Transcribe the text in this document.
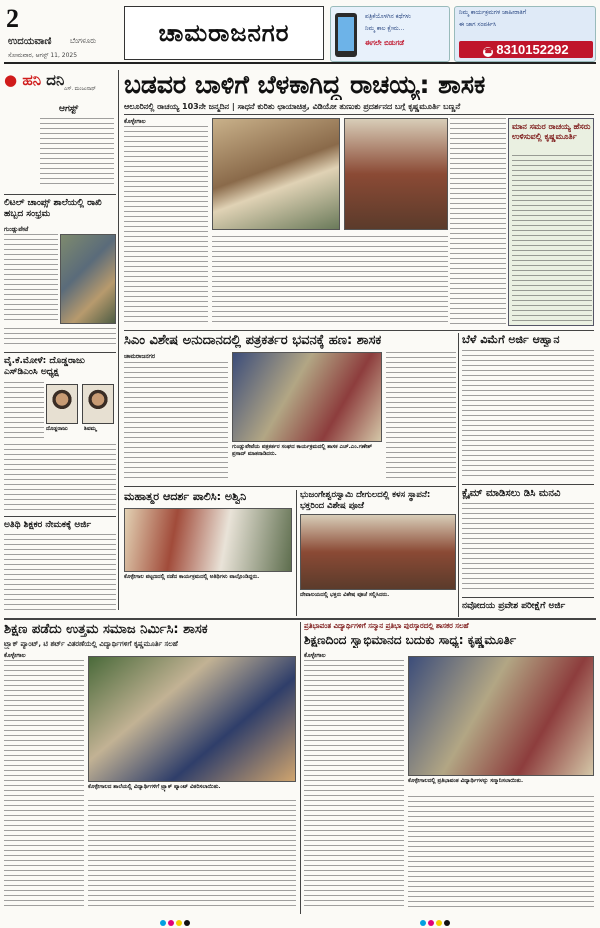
2
ಉದಯವಾಣಿ	ಬೆಂಗಳೂರು
ಸೋಮವಾರ, ಆಗಸ್ಟ್ 11, 2025
ಚಾಮರಾಜನಗರ
ಪತ್ರಿಕೆಯೊಳಗಿನ ಕಥೆಗಳು
ನಿಮ್ಮ ಕಾಲ ಕ್ಷೇಮ...
ಈಗಲೇ ಬಿಡುಗಡೆ
ನಿಮ್ಮ ಕಾರ್ಯಕ್ರಮಗಳ ಜಾಹೀರಾತಿಗೆ
ಈ ಜಾಗ ಸಂಪರ್ಕಿಸಿ
☎ 8310152292
● ಹನಿ ದನಿ ಎಸ್. ಮಂಜುನಾಥ್
ಆಗಸ್ಟ್
ಲಿಟಲ್ ಚಾಂಪ್ಸ್ ಶಾಲೆಯಲ್ಲಿ ರಾಖಿ ಹಬ್ಬದ ಸಂಭ್ರಮ
ಗುಂಡ್ಲುಪೇಟೆ
ವೈ.ಕೆ.ಮೋಳೆ: ದೊಡ್ಡರಾಜು ಎಸ್‌ಡಿಎಂಸಿ ಅಧ್ಯಕ್ಷ
ದೊಡ್ಡರಾಜು	ಶಿವಮ್ಮ
ಅತಿಥಿ ಶಿಕ್ಷಕರ ನೇಮಕಕ್ಕೆ ಅರ್ಜಿ
ಬಡವರ ಬಾಳಿಗೆ ಬೆಳಕಾಗಿದ್ದ ರಾಚಯ್ಯ: ಶಾಸಕ
ಆಲೂರಿನಲ್ಲಿ ರಾಚಯ್ಯ 103ನೇ ಜನ್ಮದಿನ | ಸಾಧನೆ ಕುರಿತು ಛಾಯಾಚಿತ್ರ, ವಿಡಿಯೋ ತುಣುಕು ಪ್ರದರ್ಶನದ ಬಗ್ಗೆ ಕೃಷ್ಣಮೂರ್ತಿ ಬಣ್ಣನೆ
ಕೊಳ್ಳೇಗಾಲ
ಮಾನ ಸಮರ ರಾಚಯ್ಯ ಹೆಸರು ಉಳಿಸುವಲ್ಲಿ ಕೃಷ್ಣಮೂರ್ತಿ
ಸಿಎಂ ವಿಶೇಷ ಅನುದಾನದಲ್ಲಿ ಪತ್ರಕರ್ತರ ಭವನಕ್ಕೆ ಹಣ: ಶಾಸಕ
ಚಾಮರಾಜನಗರ
ಗುಂಡ್ಲುಪೇಟೆಯ ಪತ್ರಕರ್ತರ ಸಂಘದ ಕಾರ್ಯಕ್ರಮದಲ್ಲಿ ಶಾಸಕ ಎಚ್.ಎಂ.ಗಣೇಶ್ ಪ್ರಸಾದ್ ಮಾತನಾಡಿದರು.
ಬೆಳೆ ವಿಮೆಗೆ ಅರ್ಜಿ ಆಹ್ವಾನ
ಕ್ಲೈಮ್ ಮಾಡಿಸಲು ಡಿಸಿ ಮನವಿ
ಮಹಾತ್ಮರ ಆದರ್ಶ ಪಾಲಿಸಿ: ಅಶ್ವಿನಿ
ಕೊಳ್ಳೇಗಾಲ ಪಟ್ಟಣದಲ್ಲಿ ನಡೆದ ಕಾರ್ಯಕ್ರಮದಲ್ಲಿ ಅತಿಥಿಗಳು ಪಾಲ್ಗೊಂಡಿದ್ದರು.
ಭುಜಂಗೇಶ್ವರಸ್ವಾಮಿ ದೇಗುಲದಲ್ಲಿ ಕಳಸ ಸ್ಥಾಪನೆ: ಭಕ್ತರಿಂದ ವಿಶೇಷ ಪೂಜೆ
ದೇವಾಲಯದಲ್ಲಿ ಭಕ್ತರು ವಿಶೇಷ ಪೂಜೆ ಸಲ್ಲಿಸಿದರು.
ನವೋದಯ ಪ್ರವೇಶ ಪರೀಕ್ಷೆಗೆ ಅರ್ಜಿ
ಶಿಕ್ಷಣ ಪಡೆದು ಉತ್ತಮ ಸಮಾಜ ನಿರ್ಮಿಸಿ: ಶಾಸಕ
ಟ್ರ್ಯಾಕ್ ಪ್ಯಾಂಟ್, ಟಿ ಶರ್ಟ್ ವಿತರಣೆಯಲ್ಲಿ ವಿದ್ಯಾರ್ಥಿಗಳಿಗೆ ಕೃಷ್ಣಮೂರ್ತಿ ಸಲಹೆ
ಕೊಳ್ಳೇಗಾಲ
ಕೊಳ್ಳೇಗಾಲದ ಶಾಲೆಯಲ್ಲಿ ವಿದ್ಯಾರ್ಥಿಗಳಿಗೆ ಟ್ರ್ಯಾಕ್ ಪ್ಯಾಂಟ್ ವಿತರಿಸಲಾಯಿತು.
ಪ್ರತಿಭಾವಂತ ವಿದ್ಯಾರ್ಥಿಗಳಿಗೆ ಸನ್ಮಾನ ಪ್ರತಿಭಾ ಪುರಸ್ಕಾರದಲ್ಲಿ ಶಾಸಕರ ಸಲಹೆ
ಶಿಕ್ಷಣದಿಂದ ಸ್ವಾಭಿಮಾನದ ಬದುಕು ಸಾಧ್ಯ: ಕೃಷ್ಣಮೂರ್ತಿ
ಕೊಳ್ಳೇಗಾಲ
ಕೊಳ್ಳೇಗಾಲದಲ್ಲಿ ಪ್ರತಿಭಾವಂತ ವಿದ್ಯಾರ್ಥಿಗಳನ್ನು ಸನ್ಮಾನಿಸಲಾಯಿತು.
